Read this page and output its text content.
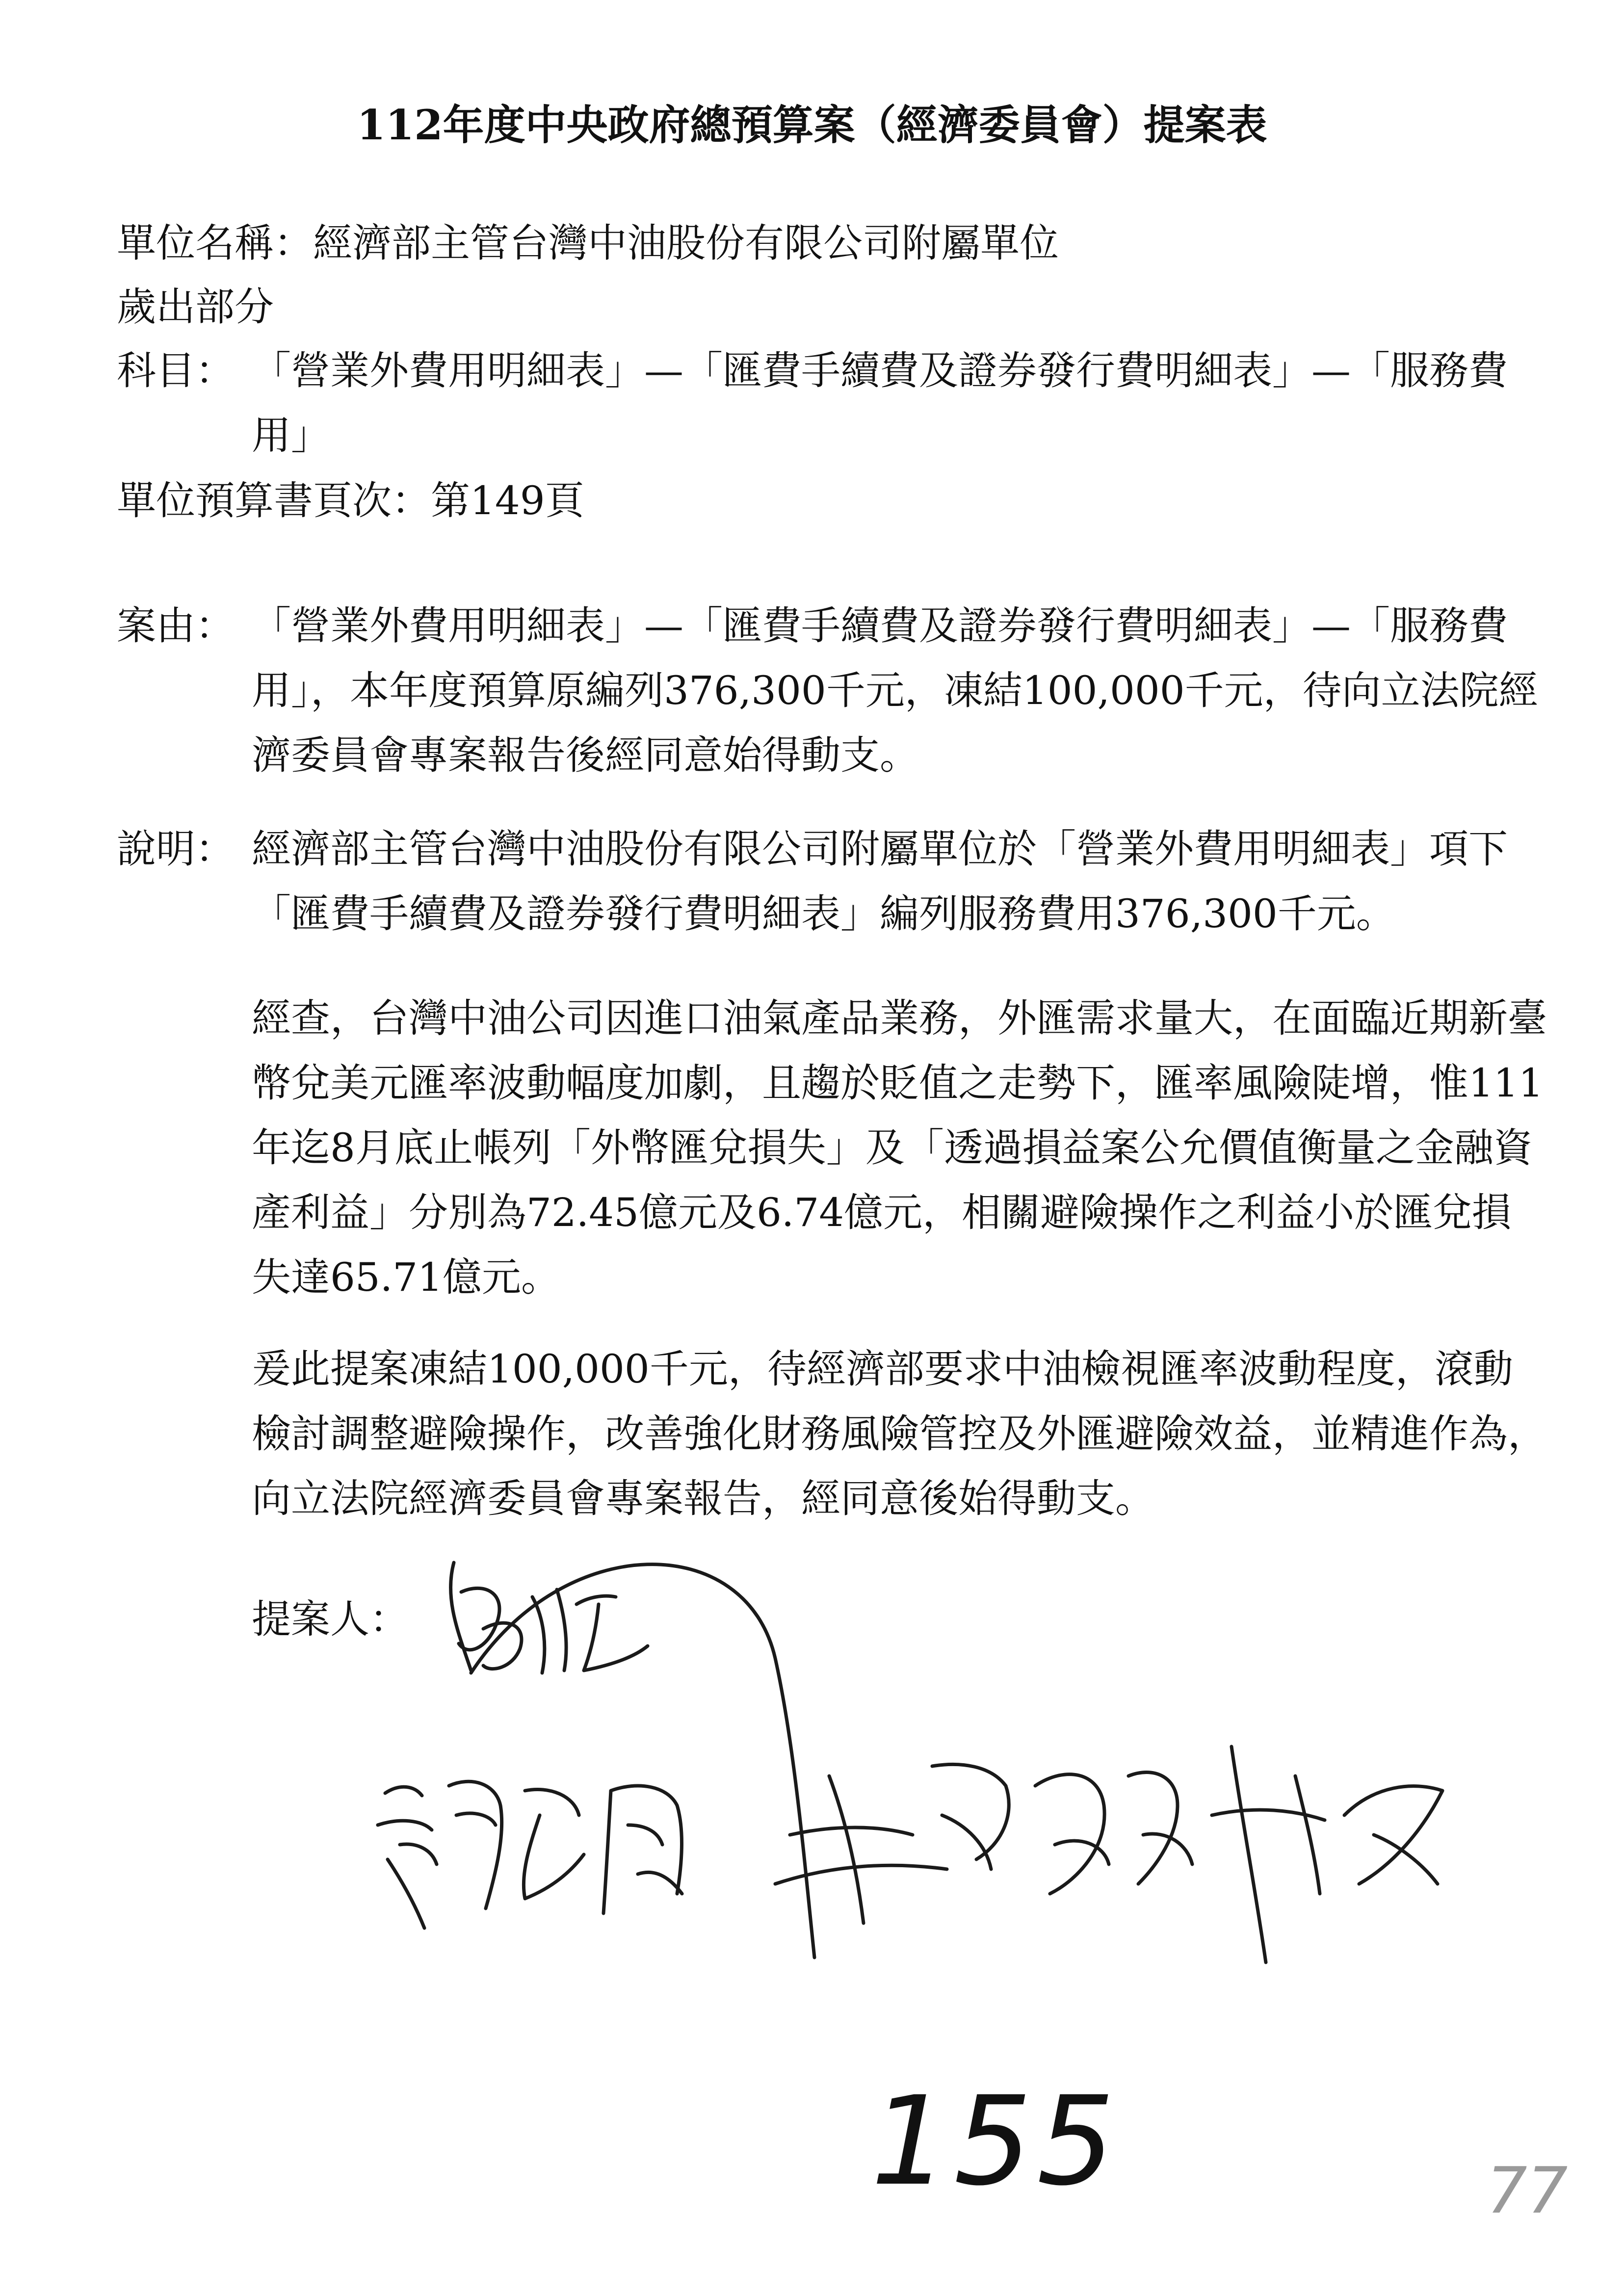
112年度中央政府總預算案（經濟委員會）提案表
單位名稱：經濟部主管台灣中油股份有限公司附屬單位
歲出部分
科目： 「營業外費用明細表」—「匯費手續費及證券發行費明細表」—「服務費用」
單位預算書頁次：第149頁
案由： 「營業外費用明細表」—「匯費手續費及證券發行費明細表」—「服務費用」，本年度預算原編列376,300千元，凍結100,000千元，待向立法院經濟委員會專案報告後經同意始得動支。
說明： 經濟部主管台灣中油股份有限公司附屬單位於「營業外費用明細表」項下「匯費手續費及證券發行費明細表」編列服務費用376,300千元。
經查，台灣中油公司因進口油氣產品業務，外匯需求量大，在面臨近期新臺幣兌美元匯率波動幅度加劇，且趨於貶值之走勢下，匯率風險陡增，惟111年迄8月底止帳列「外幣匯兌損失」及「透過損益案公允價值衡量之金融資產利益」分別為72.45億元及6.74億元，相關避險操作之利益小於匯兌損失達65.71億元。
爰此提案凍結100,000千元，待經濟部要求中油檢視匯率波動程度，滾動檢討調整避險操作，改善強化財務風險管控及外匯避險效益，並精進作為，向立法院經濟委員會專案報告，經同意後始得動支。
提案人：
155	77
